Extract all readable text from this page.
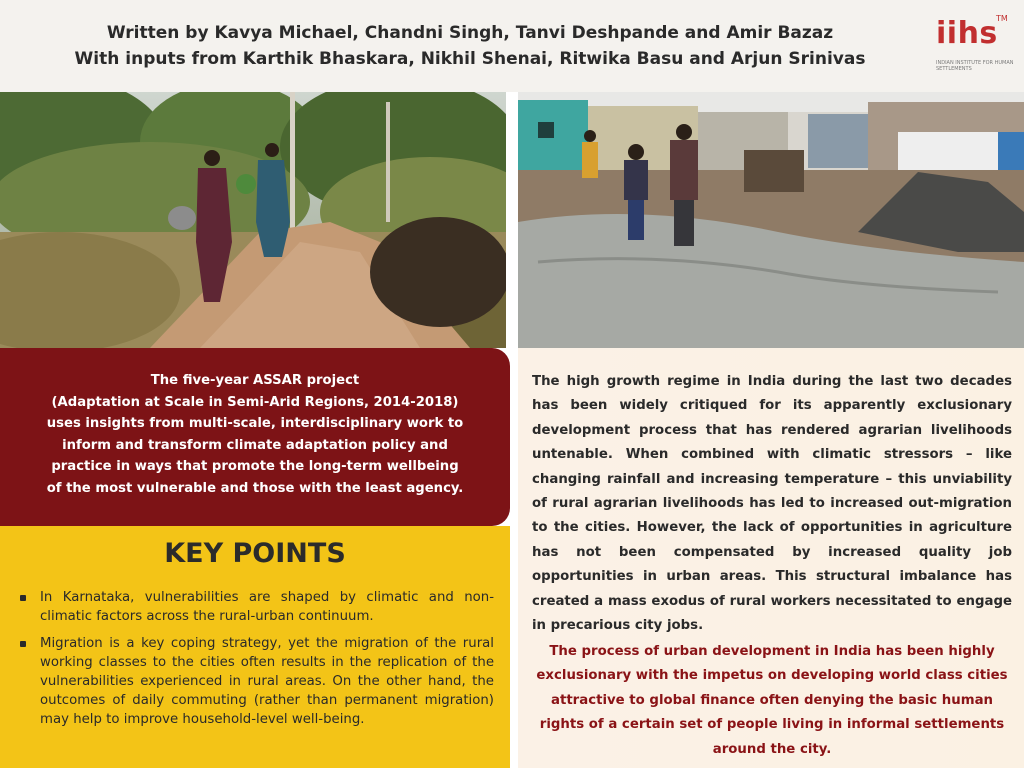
Written by Kavya Michael, Chandni Singh, Tanvi Deshpande and Amir Bazaz
With inputs from Karthik Bhaskara, Nikhil Shenai, Ritwika Basu and Arjun Srinivas
iihs
TM
INDIAN INSTITUTE FOR HUMAN SETTLEMENTS
The five-year ASSAR project
(Adaptation at Scale in Semi-Arid Regions, 2014-2018)
uses insights from multi-scale, interdisciplinary work to
inform and transform climate adaptation policy and
practice in ways that promote the long-term wellbeing
of the most vulnerable and those with the least agency.
KEY POINTS
In Karnataka, vulnerabilities are shaped by climatic and non-climatic factors across the rural-urban continuum.
Migration is a key coping strategy, yet the migration of the rural working classes to the cities often results in the replication of the vulnerabilities experienced in rural areas. On the other hand, the outcomes of daily commuting (rather than permanent migration) may help to improve household-level well-being.

The high growth regime in India during the last two decades has been widely critiqued for its apparently exclusionary development process that has rendered agrarian livelihoods untenable. When combined with climatic stressors – like changing rainfall and increasing temperature – this unviability of rural agrarian livelihoods has led to increased out-migration to the cities. However, the lack of opportunities in agriculture has not been compensated by increased quality job opportunities in urban areas. This structural imbalance has created a mass exodus of rural workers necessitated to engage in precarious city jobs.

The process of urban development in India has been highly exclusionary with the impetus on developing world class cities attractive to global finance often denying the basic human rights of a certain set of people living in informal settlements around the city.
